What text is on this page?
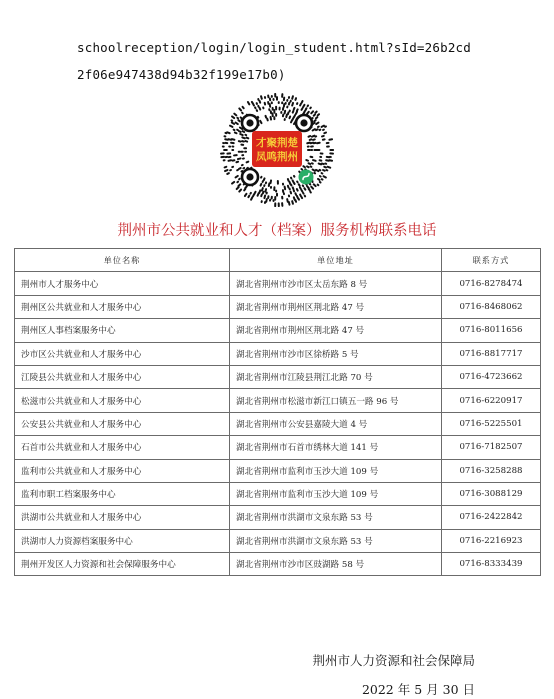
schoolreception/login/login_student.html?sId=26b2cd
2f06e947438d94b32f199e17b0)
才聚荆楚
凤鸣荆州
荆州市公共就业和人才（档案）服务机构联系电话
单位名称	单位地址	联系方式
荆州市人才服务中心	湖北省荆州市沙市区太岳东路 8 号	0716-8278474
荆州区公共就业和人才服务中心	湖北省荆州市荆州区荆北路 47 号	0716-8468062
荆州区人事档案服务中心	湖北省荆州市荆州区荆北路 47 号	0716-8011656
沙市区公共就业和人才服务中心	湖北省荆州市沙市区徐桥路 5 号	0716-8817717
江陵县公共就业和人才服务中心	湖北省荆州市江陵县荆江北路 70 号	0716-4723662
松滋市公共就业和人才服务中心	湖北省荆州市松滋市新江口镇五一路 96 号	0716-6220917
公安县公共就业和人才服务中心	湖北省荆州市公安县嘉陵大道 4 号	0716-5225501
石首市公共就业和人才服务中心	湖北省荆州市石首市绣林大道 141 号	0716-7182507
监利市公共就业和人才服务中心	湖北省荆州市监利市玉沙大道 109 号	0716-3258288
监利市职工档案服务中心	湖北省荆州市监利市玉沙大道 109 号	0716-3088129
洪湖市公共就业和人才服务中心	湖北省荆州市洪湖市文泉东路 53 号	0716-2422842
洪湖市人力资源档案服务中心	湖北省荆州市洪湖市文泉东路 53 号	0716-2216923
荆州开发区人力资源和社会保障服务中心	湖北省荆州市沙市区豉湖路 58 号	0716-8333439
荆州市人力资源和社会保障局
2022 年 5 月 30 日
